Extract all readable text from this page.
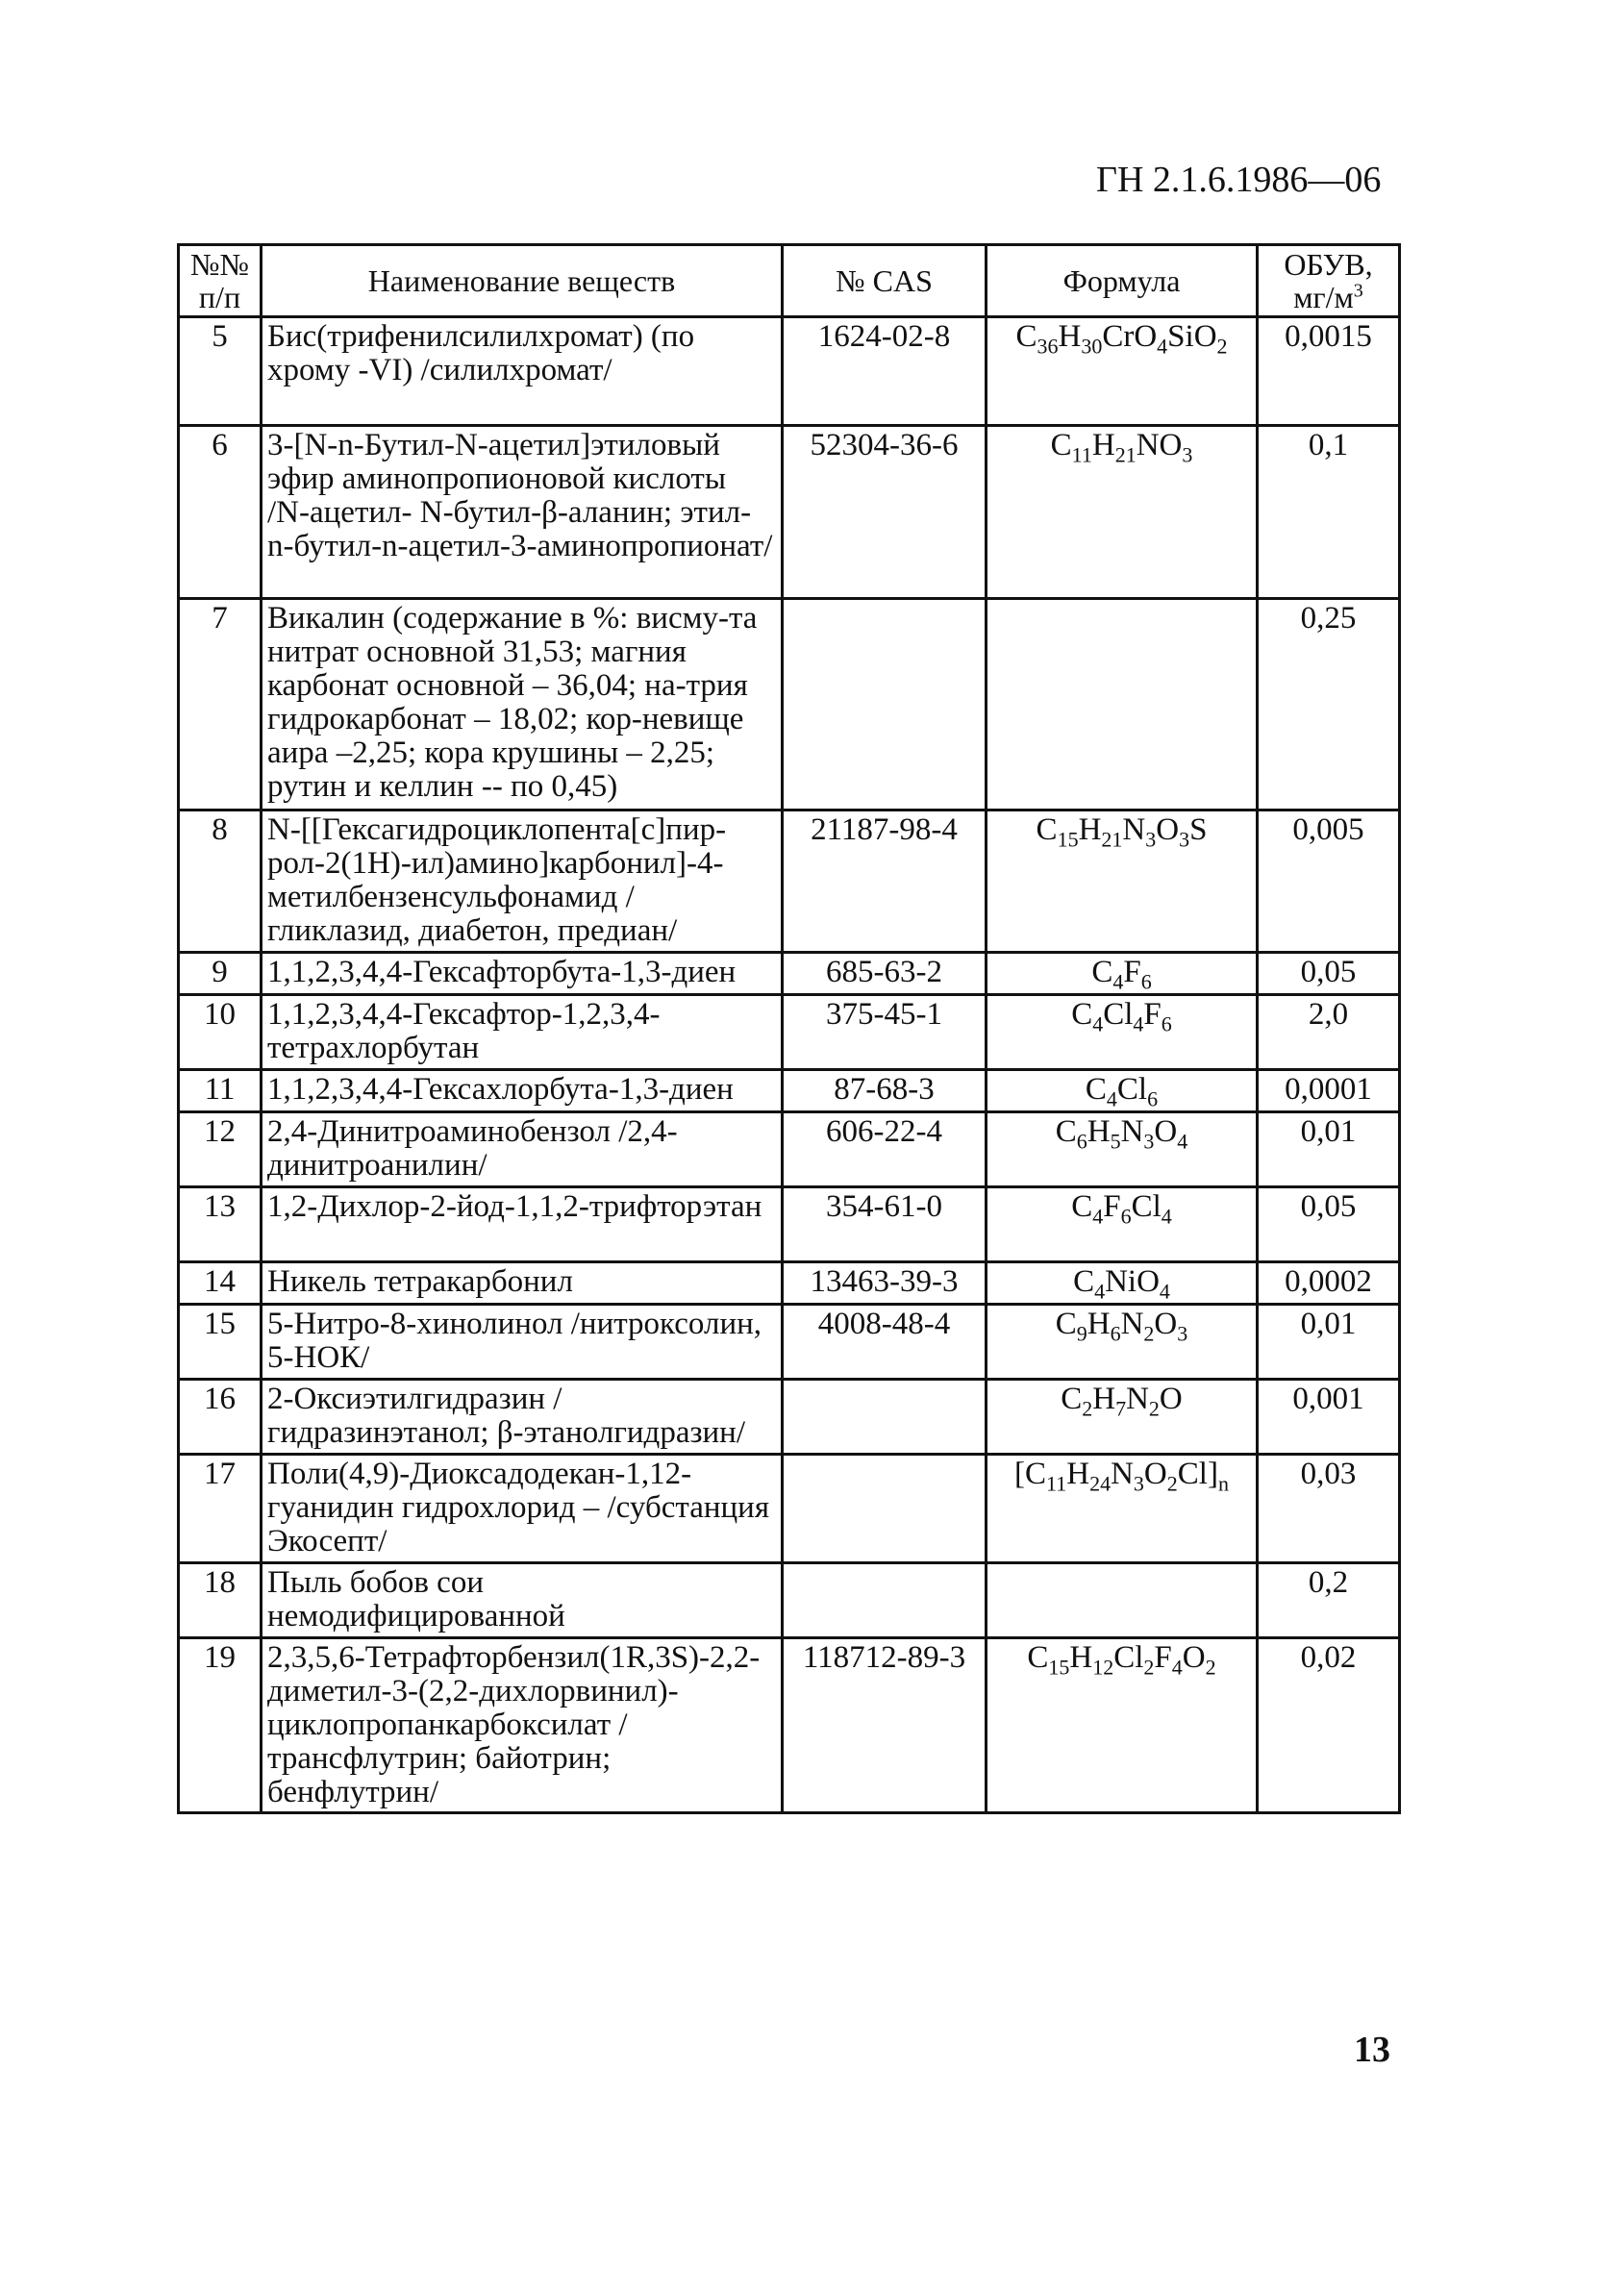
ГН 2.1.6.1986—06
№№ п/п	Наименование веществ	№ CAS	Формула	ОБУВ, $мг/м^3$
5	Бис(трифенилсилилхромат) (по хрому -VI) /силилхромат/	1624-02-8	$C_{36}H_{30}CrO_4SiO_2$	0,0015
6	3-[N-n-Бутил-N-ацетил]этиловый эфир аминопропионовой кислоты /N-ацетил- N-бутил-β-аланин; этил-n-бутил-n-ацетил-3-аминопропионат/	52304-36-6	$C_{11}H_{21}NO_3$	0,1
7	Викалин (содержание в %: висму-та нитрат основной 31,53; магния карбонат основной – 36,04; на-трия гидрокарбонат – 18,02; кор-невище аира –2,25; кора крушины – 2,25; рутин и келлин -- по 0,45)			0,25
8	N-[[Гексагидроциклопента[с]пир-рол-2(1Н)-ил)амино]карбонил]-4-метилбензенсульфонамид /гликлазид, диабетон, предиан/	21187-98-4	$C_{15}H_{21}N_3O_3S$	0,005
9	1,1,2,3,4,4-Гексафторбута-1,3-диен	685-63-2	$C_4F_6$	0,05
10	1,1,2,3,4,4-Гексафтор-1,2,3,4-тетрахлорбутан	375-45-1	$C_4Cl_4F_6$	2,0
11	1,1,2,3,4,4-Гексахлорбута-1,3-диен	87-68-3	$C_4Cl_6$	0,0001
12	2,4-Динитроаминобензол /2,4-динитроанилин/	606-22-4	$C_6H_5N_3O_4$	0,01
13	1,2-Дихлор-2-йод-1,1,2-трифторэтан	354-61-0	$C_4F_6Cl_4$	0,05
14	Никель тетракарбонил	13463-39-3	$C_4NiO_4$	0,0002
15	5-Нитро-8-хинолинол /нитроксолин, 5-НОК/	4008-48-4	$C_9H_6N_2O_3$	0,01
16	2-Оксиэтилгидразин /гидразинэтанол; β-этанолгидразин/		$C_2H_7N_2O$	0,001
17	Поли(4,9)-Диоксадодекан-1,12-гуанидин гидрохлорид – /субстанция Экосепт/		$[C_{11}H_{24}N_3O_2Cl]_n$	0,03
18	Пыль бобов сои немодифицированной			0,2
19	2,3,5,6-Тетрафторбензил(1R,3S)-2,2-диметил-3-(2,2-дихлорвинил)-циклопропанкарбоксилат /трансфлутрин; байотрин; бенфлутрин/	118712-89-3	$C_{15}H_{12}Cl_2F_4O_2$	0,02
13
